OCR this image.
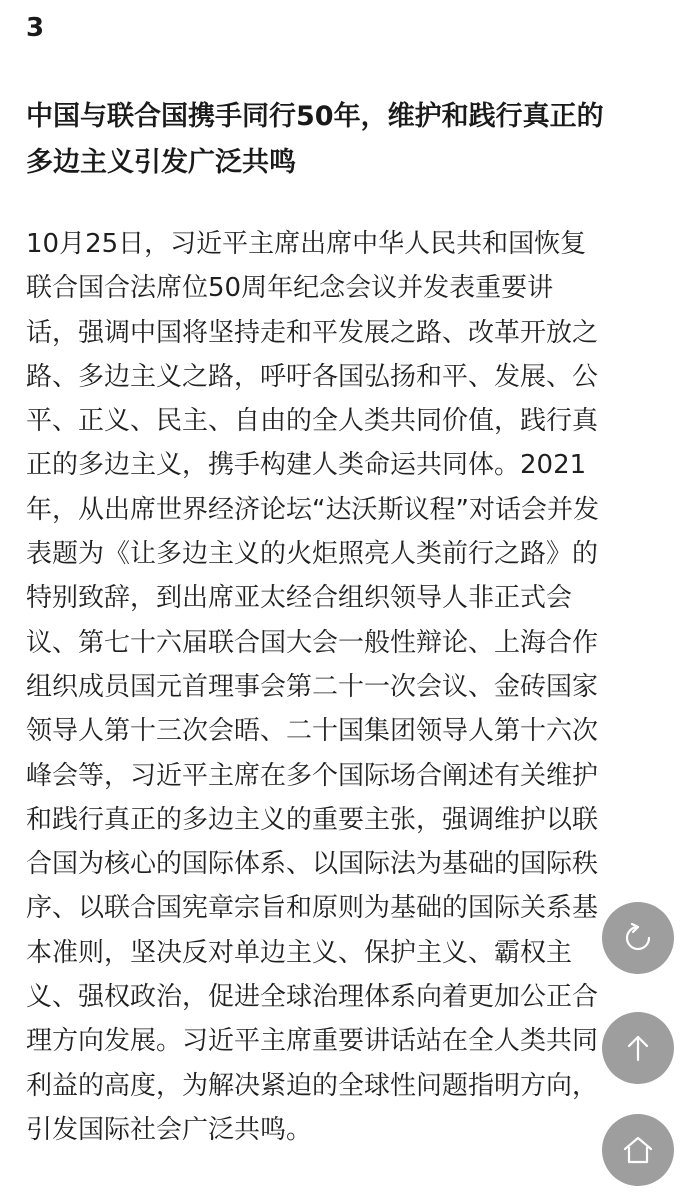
3
中国与联合国携手同行50年，维护和践行真正的
多边主义引发广泛共鸣
10月25日，习近平主席出席中华人民共和国恢复
联合国合法席位50周年纪念会议并发表重要讲
话，强调中国将坚持走和平发展之路、改革开放之
路、多边主义之路，呼吁各国弘扬和平、发展、公
平、正义、民主、自由的全人类共同价值，践行真
正的多边主义，携手构建人类命运共同体。2021
年，从出席世界经济论坛“达沃斯议程”对话会并发
表题为《让多边主义的火炬照亮人类前行之路》的
特别致辞，到出席亚太经合组织领导人非正式会
议、第七十六届联合国大会一般性辩论、上海合作
组织成员国元首理事会第二十一次会议、金砖国家
领导人第十三次会晤、二十国集团领导人第十六次
峰会等，习近平主席在多个国际场合阐述有关维护
和践行真正的多边主义的重要主张，强调维护以联
合国为核心的国际体系、以国际法为基础的国际秩
序、以联合国宪章宗旨和原则为基础的国际关系基
本准则，坚决反对单边主义、保护主义、霸权主
义、强权政治，促进全球治理体系向着更加公正合
理方向发展。习近平主席重要讲话站在全人类共同
利益的高度，为解决紧迫的全球性问题指明方向，
引发国际社会广泛共鸣。
